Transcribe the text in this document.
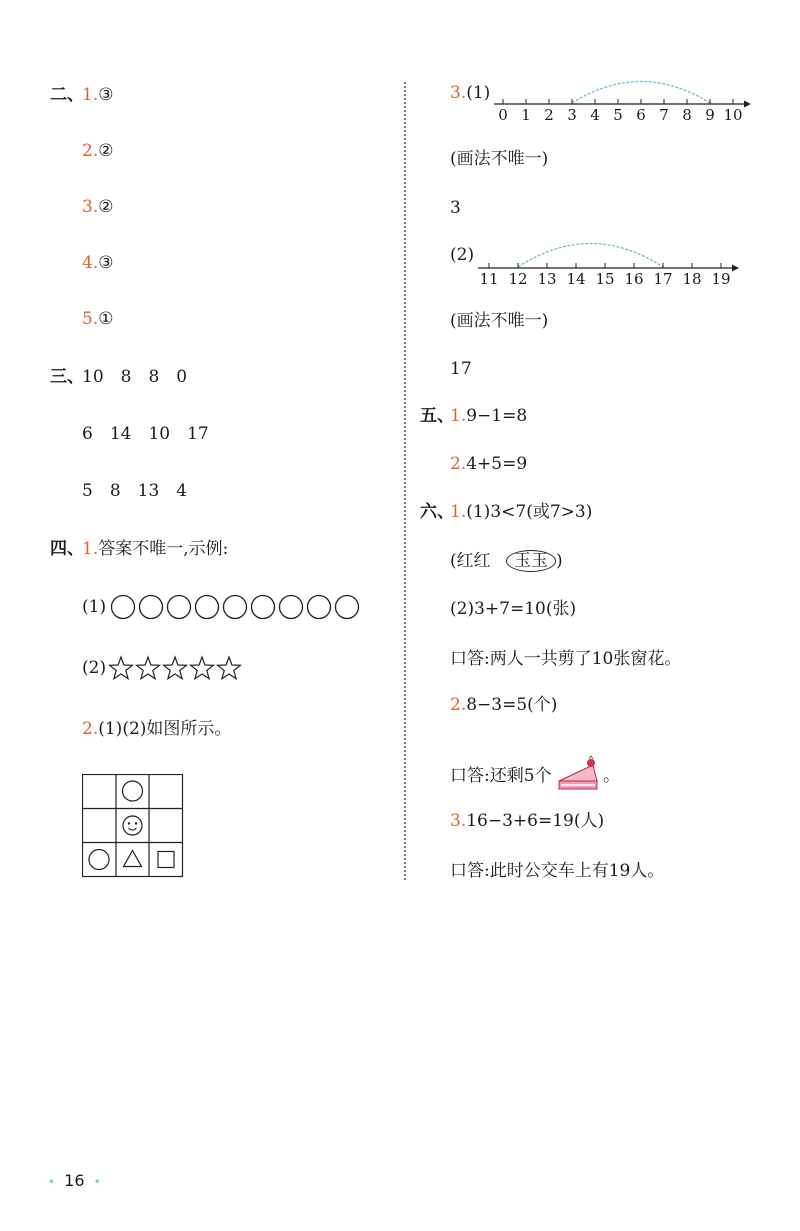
二、
1.③
2.②
3.②
4.③
5.①
三、
10　8　8　0
6　14　10　17
5　8　13　4
四、
1.答案不唯一,示例:
(1)
(2)
2.(1)(2)如图所示。
3.(1)
0 1 2 3 4 5 6 7 8 9 10
(画法不唯一)
3
(2)
11 12 13 14 15 16 17 18 19
(画法不唯一)
17
五、
1.9−1=8
2.4+5=9
六、
1.(1)3<7(或7>3)
(红红 玉玉 )
(2)3+7=10(张)
口答:两人一共剪了10张窗花。
2.8−3=5(个)
口答:还剩5个	。
3.16−3+6=19(人)
口答:此时公交车上有19人。
• 16 •
